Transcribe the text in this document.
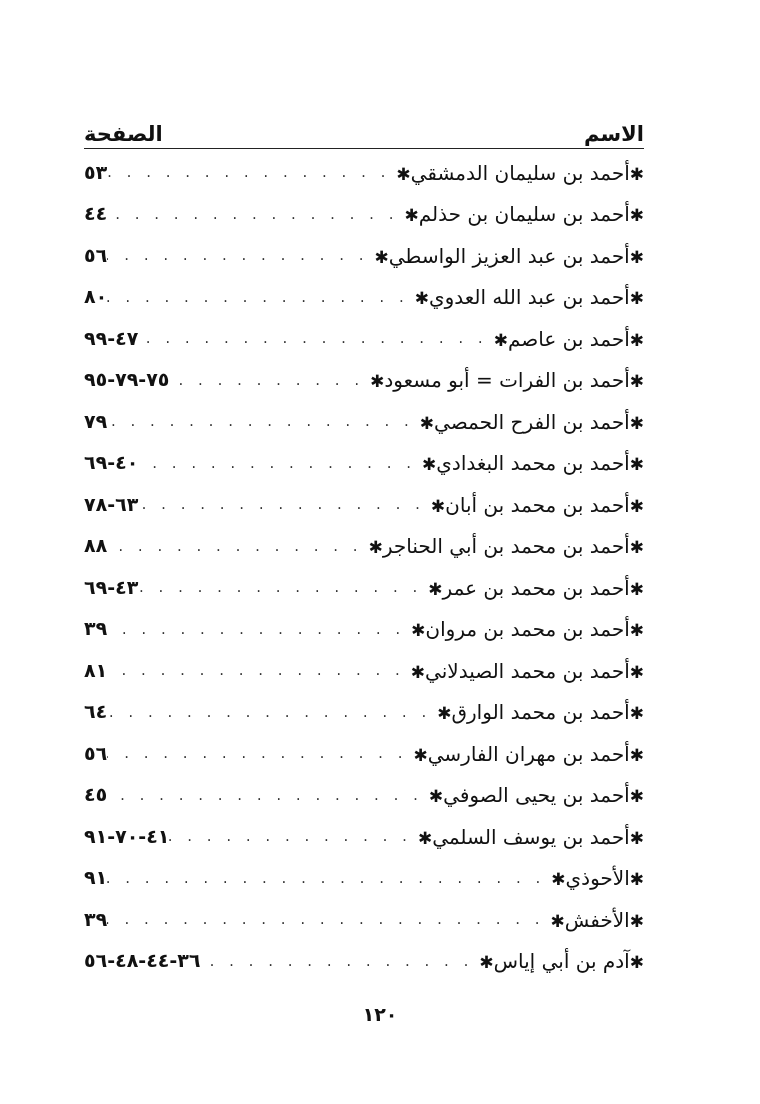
الاسم
الصفحة
✱أحمد بن سليمان الدمشقي✱
. . .
٥٣
✱أحمد بن سليمان بن حذلم✱
. . .
٤٤
✱أحمد بن عبد العزيز الواسطي✱
. . .
٥٦
✱أحمد بن عبد الله العدوي✱
. . .
٨٠
✱أحمد بن عاصم✱
. . .
٤٧-٩٩
✱أحمد بن الفرات = أبو مسعود✱
. . .
٧٥-٧٩-٩٥
✱أحمد بن الفرح الحمصي✱
. . .
٧٩
✱أحمد بن محمد البغدادي✱
. . .
٤٠-٦٩
✱أحمد بن محمد بن أبان✱
. . .
٦٣-٧٨
✱أحمد بن محمد بن أبي الحناجر✱
. . .
٨٨
✱أحمد بن محمد بن عمر✱
. . .
٤٣-٦٩
✱أحمد بن محمد بن مروان✱
. . .
٣٩
✱أحمد بن محمد الصيدلاني✱
. . .
٨١
✱أحمد بن محمد الوارق✱
. . .
٦٤
✱أحمد بن مهران الفارسي✱
. . .
٥٦
✱أحمد بن يحيى الصوفي✱
. . .
٤٥
✱أحمد بن يوسف السلمي✱
. . .
٤١-٧٠-٩١
✱الأحوذي✱
. . .
٩١
✱الأخفش✱
. . .
٣٩
✱آدم بن أبي إياس✱
. . .
٣٦-٤٤-٤٨-٥٦
١٢٠
